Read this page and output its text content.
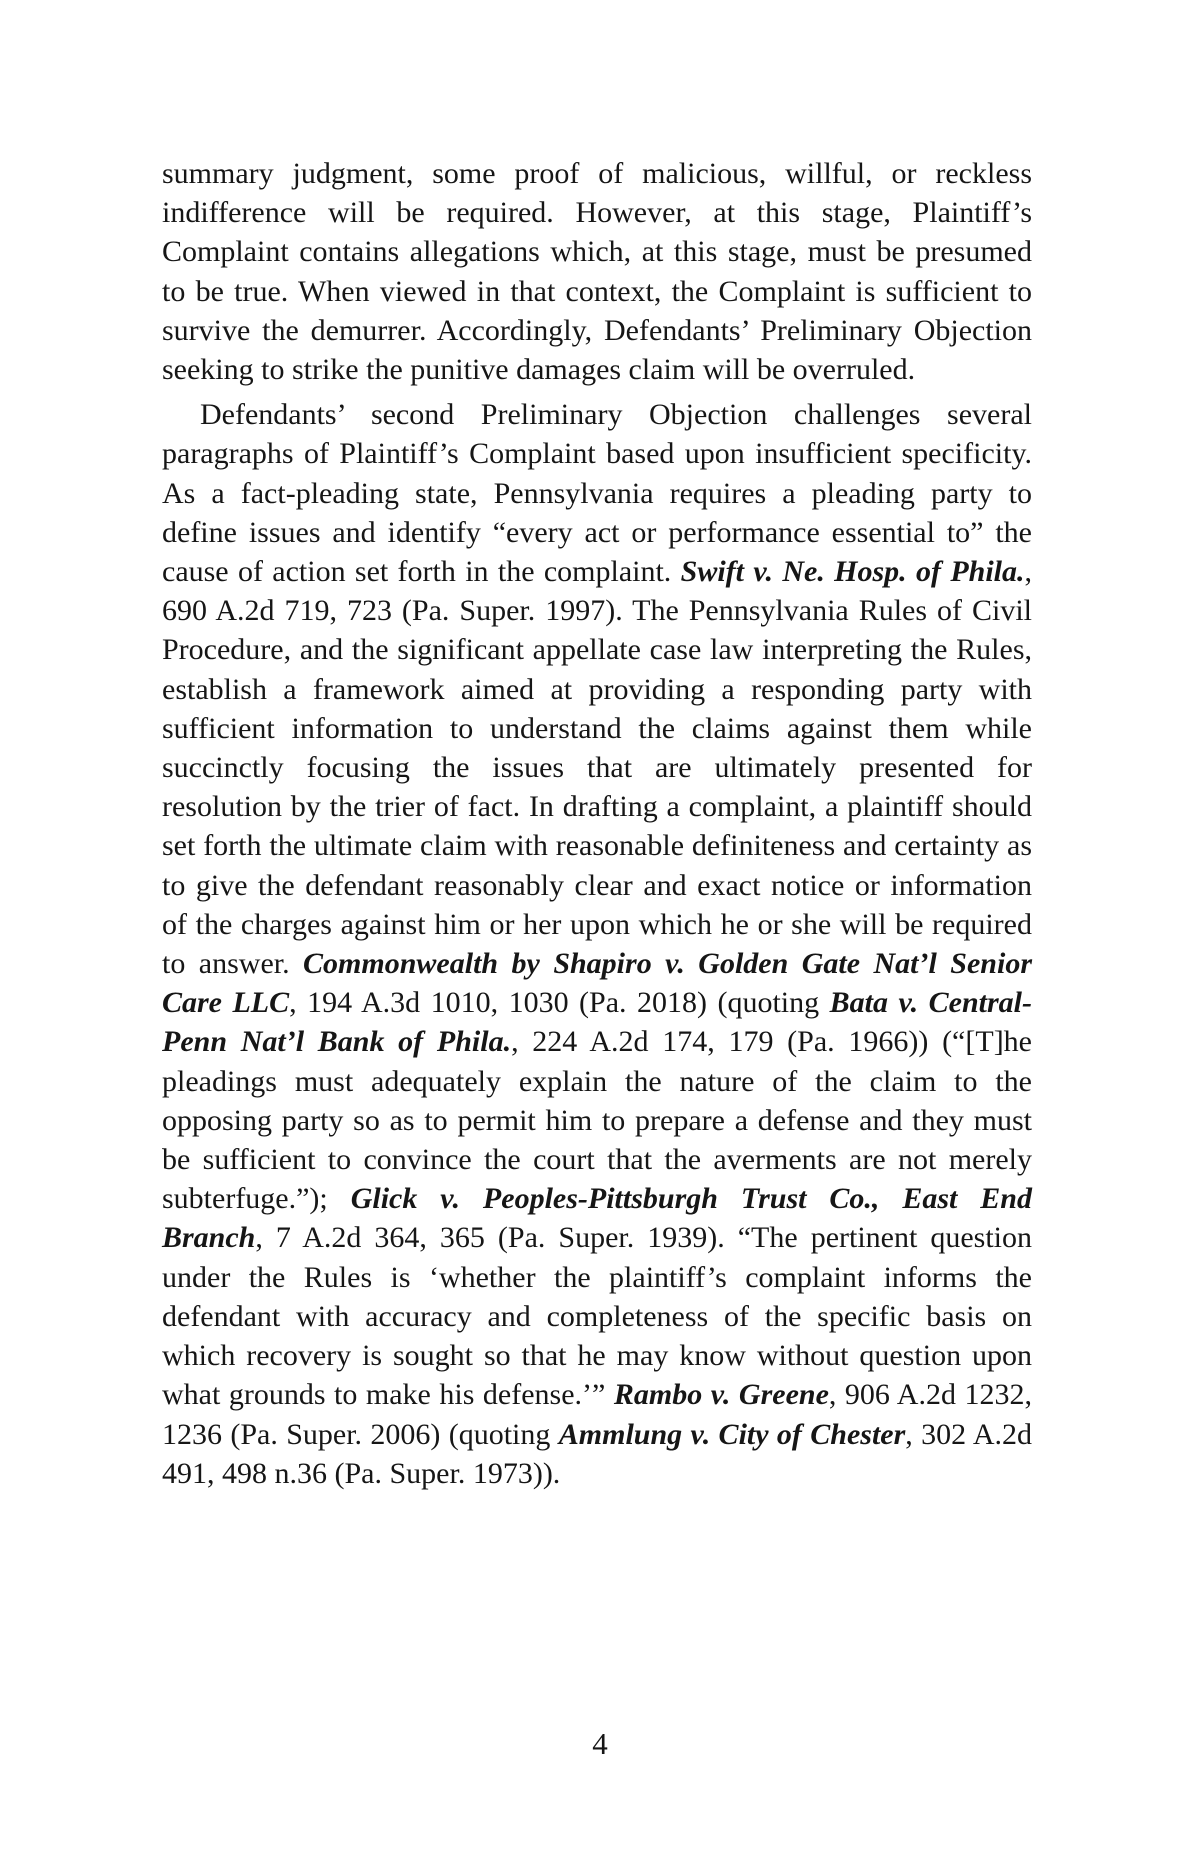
summary judgment, some proof of malicious, willful, or reckless indifference will be required. However, at this stage, Plaintiff’s Complaint contains allegations which, at this stage, must be presumed to be true. When viewed in that context, the Complaint is sufficient to survive the demurrer. Accordingly, Defendants’ Preliminary Objection seeking to strike the punitive damages claim will be overruled.

Defendants’ second Preliminary Objection challenges several paragraphs of Plaintiff’s Complaint based upon insufficient specificity. As a fact-pleading state, Pennsylvania requires a pleading party to define issues and identify “every act or performance essential to” the cause of action set forth in the complaint. Swift v. Ne. Hosp. of Phila., 690 A.2d 719, 723 (Pa. Super. 1997). The Pennsylvania Rules of Civil Procedure, and the significant appellate case law interpreting the Rules, establish a framework aimed at providing a responding party with sufficient information to understand the claims against them while succinctly focusing the issues that are ultimately presented for resolution by the trier of fact. In drafting a complaint, a plaintiff should set forth the ultimate claim with reasonable definiteness and certainty as to give the defendant reasonably clear and exact notice or information of the charges against him or her upon which he or she will be required to answer. Commonwealth by Shapiro v. Golden Gate Nat’l Senior Care LLC, 194 A.3d 1010, 1030 (Pa. 2018) (quoting Bata v. Central-Penn Nat’l Bank of Phila., 224 A.2d 174, 179 (Pa. 1966)) (“[T]he pleadings must adequately explain the nature of the claim to the opposing party so as to permit him to prepare a defense and they must be sufficient to convince the court that the averments are not merely subterfuge.”); Glick v. Peoples-Pittsburgh Trust Co., East End Branch, 7 A.2d 364, 365 (Pa. Super. 1939). “The pertinent question under the Rules is ‘whether the plaintiff’s complaint informs the defendant with accuracy and completeness of the specific basis on which recovery is sought so that he may know without question upon what grounds to make his defense.’” Rambo v. Greene, 906 A.2d 1232, 1236 (Pa. Super. 2006) (quoting Ammlung v. City of Chester, 302 A.2d 491, 498 n.36 (Pa. Super. 1973)).

4
